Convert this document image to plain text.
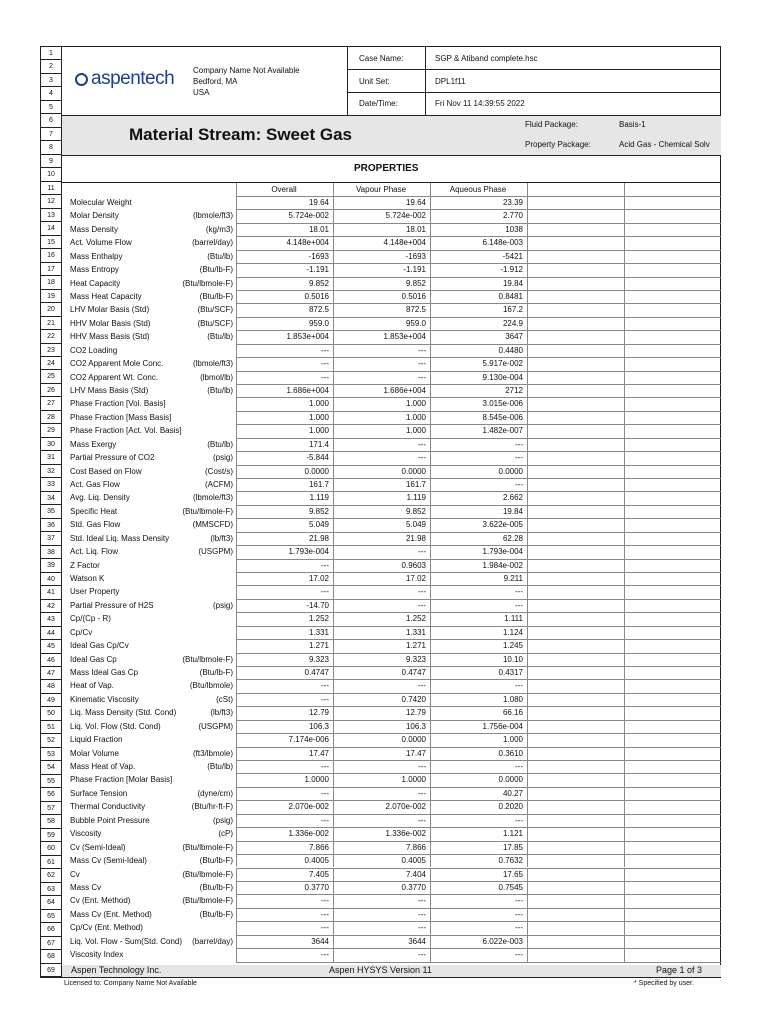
1
2
3
4
5
6
7
8
9
10
11
12
13
14
15
16
17
18
19
20
21
22
23
24
25
26
27
28
29
30
31
32
33
34
35
36
37
38
39
40
41
42
43
44
45
46
47
48
49
50
51
52
53
54
55
56
57
58
59
60
61
62
63
64
65
66
67
68
69
aspentech Company Name Not Available
Bedford, MA
USA
Case Name:	SGP & Atiband complete.hsc
Unit Set:	DPL1f11
Date/Time:	Fri Nov 11 14:39:55 2022
Material Stream: Sweet Gas
Fluid Package:	Basis-1
Property Package:	Acid Gas - Chemical Solv
PROPERTIES
Overall	Vapour Phase	Aqueous Phase
Molecular Weight	19.64	19.64	23.39
Molar Density	(lbmole/ft3)	5.724e-002	5.724e-002	2.770
Mass Density	(kg/m3)	18.01	18.01	1038
Act. Volume Flow	(barrel/day)	4.148e+004	4.148e+004	6.148e-003
Mass Enthalpy	(Btu/lb)	-1693	-1693	-5421
Mass Entropy	(Btu/lb-F)	-1.191	-1.191	-1.912
Heat Capacity	(Btu/lbmole-F)	9.852	9.852	19.84
Mass Heat Capacity	(Btu/lb-F)	0.5016	0.5016	0.8481
LHV Molar Basis (Std)	(Btu/SCF)	872.5	872.5	167.2
HHV Molar Basis (Std)	(Btu/SCF)	959.0	959.0	224.9
HHV Mass Basis (Std)	(Btu/lb)	1.853e+004	1.853e+004	3647
CO2 Loading	---	---	0.4480
CO2 Apparent Mole Conc.	(lbmole/ft3)	---	---	5.917e-002
CO2 Apparent Wt. Conc.	(lbmol/lb)	---	---	9.130e-004
LHV Mass Basis (Std)	(Btu/lb)	1.686e+004	1.686e+004	2712
Phase Fraction [Vol. Basis]	1.000	1.000	3.015e-006
Phase Fraction [Mass Basis]	1.000	1.000	8.545e-006
Phase Fraction [Act. Vol. Basis]	1.000	1.000	1.482e-007
Mass Exergy	(Btu/lb)	171.4	---	---
Partial Pressure of CO2	(psig)	-5.844	---	---
Cost Based on Flow	(Cost/s)	0.0000	0.0000	0.0000
Act. Gas Flow	(ACFM)	161.7	161.7	---
Avg. Liq. Density	(lbmole/ft3)	1.119	1.119	2.662
Specific Heat	(Btu/lbmole-F)	9.852	9.852	19.84
Std. Gas Flow	(MMSCFD)	5.049	5.049	3.622e-005
Std. Ideal Liq. Mass Density	(lb/ft3)	21.98	21.98	62.28
Act. Liq. Flow	(USGPM)	1.793e-004	---	1.793e-004
Z Factor	---	0.9603	1.984e-002
Watson K	17.02	17.02	9.211
User Property	---	---	---
Partial Pressure of H2S	(psig)	-14.70	---	---
Cp/(Cp - R)	1.252	1.252	1.111
Cp/Cv	1.331	1.331	1.124
Ideal Gas Cp/Cv	1.271	1.271	1.245
Ideal Gas Cp	(Btu/lbmole-F)	9.323	9.323	10.10
Mass Ideal Gas Cp	(Btu/lb-F)	0.4747	0.4747	0.4317
Heat of Vap.	(Btu/lbmole)	---	---	---
Kinematic Viscosity	(cSt)	---	0.7420	1.080
Liq. Mass Density (Std. Cond)	(lb/ft3)	12.79	12.79	66.16
Liq. Vol. Flow (Std. Cond)	(USGPM)	106.3	106.3	1.756e-004
Liquid Fraction	7.174e-006	0.0000	1.000
Molar Volume	(ft3/lbmole)	17.47	17.47	0.3610
Mass Heat of Vap.	(Btu/lb)	---	---	---
Phase Fraction [Molar Basis]	1.0000	1.0000	0.0000
Surface Tension	(dyne/cm)	---	---	40.27
Thermal Conductivity	(Btu/hr-ft-F)	2.070e-002	2.070e-002	0.2020
Bubble Point Pressure	(psig)	---	---	---
Viscosity	(cP)	1.336e-002	1.336e-002	1.121
Cv (Semi-Ideal)	(Btu/lbmole-F)	7.866	7.866	17.85
Mass Cv (Semi-Ideal)	(Btu/lb-F)	0.4005	0.4005	0.7632
Cv	(Btu/lbmole-F)	7.405	7.404	17.65
Mass Cv	(Btu/lb-F)	0.3770	0.3770	0.7545
Cv (Ent. Method)	(Btu/lbmole-F)	---	---	---
Mass Cv (Ent. Method)	(Btu/lb-F)	---	---	---
Cp/Cv (Ent. Method)	---	---	---
Liq. Vol. Flow - Sum(Std. Cond)	(barrel/day)	3644	3644	6.022e-003
Viscosity Index	---	---	---
Aspen Technology Inc.	Aspen HYSYS Version 11	Page 1 of 3
Licensed to: Company Name Not Available	* Specified by user.
